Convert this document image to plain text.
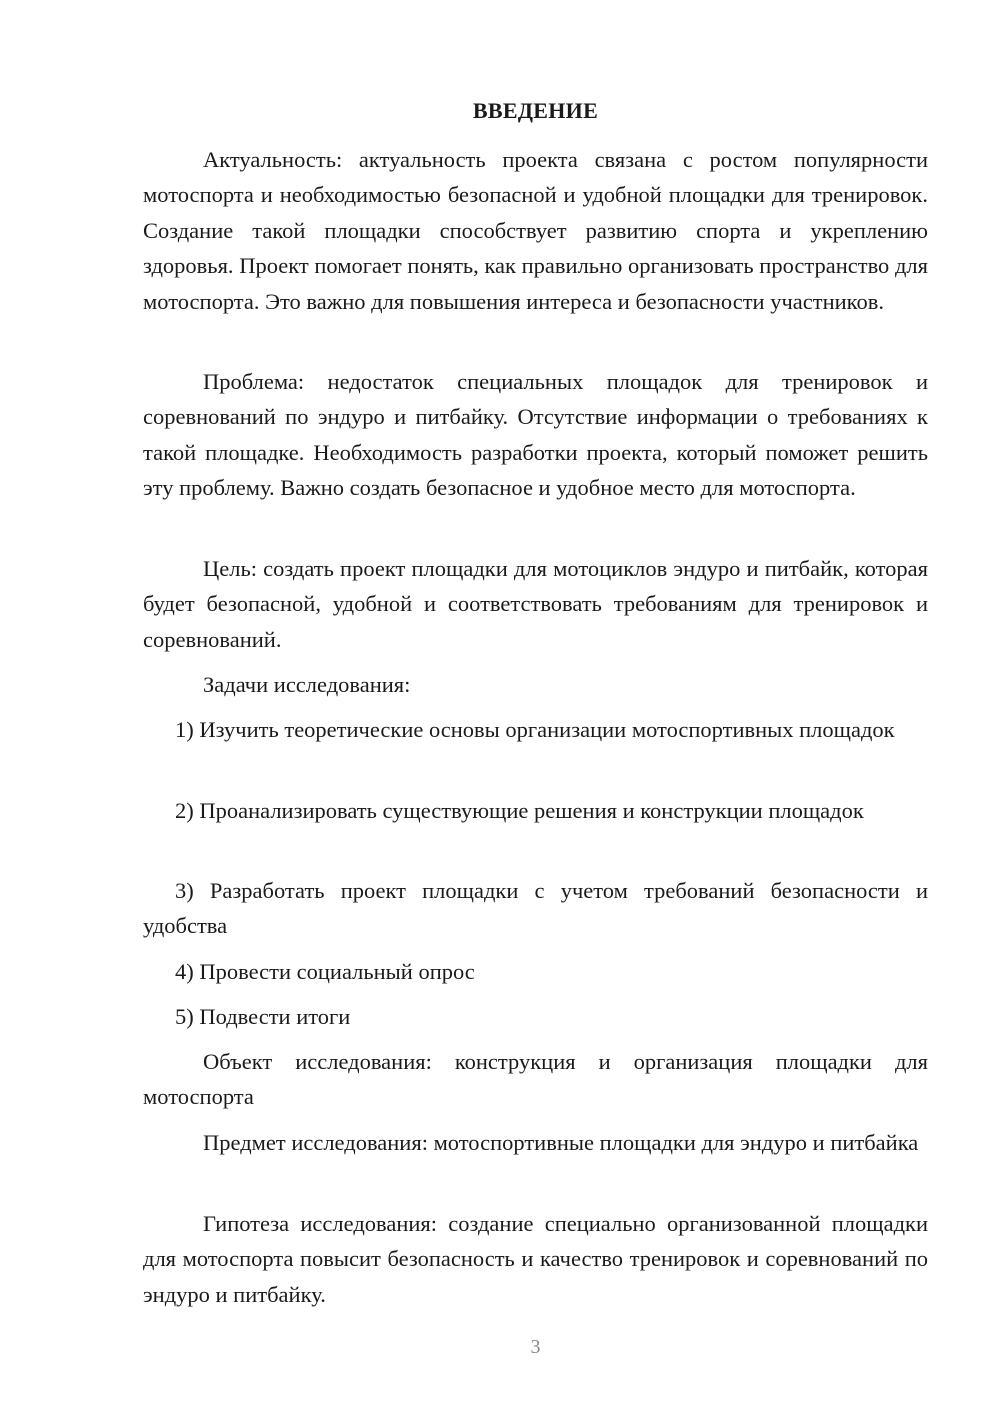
ВВЕДЕНИЕ

Актуальность: актуальность проекта связана с ростом популярности мотоспорта и необходимостью безопасной и удобной площадки для тренировок. Создание такой площадки способствует развитию спорта и укреплению здоровья. Проект помогает понять, как правильно организовать пространство для мотоспорта. Это важно для повышения интереса и безопасности участников.

Проблема: недостаток специальных площадок для тренировок и соревнований по эндуро и питбайку. Отсутствие информации о требованиях к такой площадке. Необходимость разработки проекта, который поможет решить эту проблему. Важно создать безопасное и удобное место для мотоспорта.

Цель: создать проект площадки для мотоциклов эндуро и питбайк, которая будет безопасной, удобной и соответствовать требованиям для тренировок и соревнований.

Задачи исследования:

1) Изучить теоретические основы организации мотоспортивных площадок

2) Проанализировать существующие решения и конструкции площадок

3) Разработать проект площадки с учетом требований безопасности и удобства

4) Провести социальный опрос

5) Подвести итоги

Объект исследования: конструкция и организация площадки для мотоспорта

Предмет исследования: мотоспортивные площадки для эндуро и питбайка

Гипотеза исследования: создание специально организованной площадки для мотоспорта повысит безопасность и качество тренировок и соревнований по эндуро и питбайку.

3
